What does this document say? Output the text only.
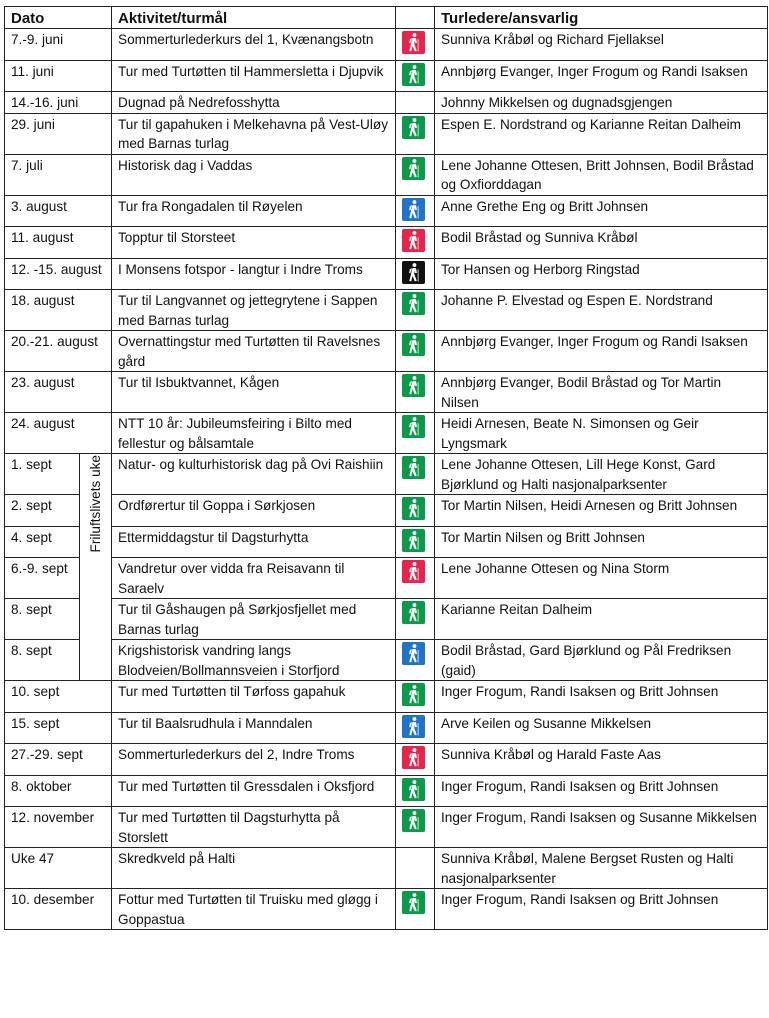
Dato		Aktivitet/turmål		Turledere/ansvarlig
7.-9. juni		Sommerturlederkurs del 1, Kvænangsbotn		Sunniva Kråbøl og Richard Fjellaksel
11. juni		Tur med Turtøtten til Hammersletta i Djupvik		Annbjørg Evanger, Inger Frogum og Randi Isaksen
14.-16. juni		Dugnad på Nedrefosshytta		Johnny Mikkelsen og dugnadsgjengen
29. juni		Tur til gapahuken i Melkehavna på Vest-Uløy med Barnas turlag		Espen E. Nordstrand og Karianne Reitan Dalheim
7. juli		Historisk dag i Vaddas		Lene Johanne Ottesen, Britt Johnsen, Bodil Bråstad og Oxfiorddagan
3. august		Tur fra Rongadalen til Røyelen		Anne Grethe Eng og Britt Johnsen
11. august		Topptur til Storsteet		Bodil Bråstad og Sunniva Kråbøl
12. -15. august		I Monsens fotspor - langtur i Indre Troms		Tor Hansen og Herborg Ringstad
18. august		Tur til Langvannet og jettegrytene i Sappen med Barnas turlag		Johanne P. Elvestad og Espen E. Nordstrand
20.-21. august		Overnattingstur med Turtøtten til Ravelsnes gård		Annbjørg Evanger, Inger Frogum og Randi Isaksen
23. august		Tur til Isbuktvannet, Kågen		Annbjørg Evanger, Bodil Bråstad og Tor Martin Nilsen
24. august		NTT 10 år: Jubileumsfeiring i Bilto med fellestur og bålsamtale		Heidi Arnesen, Beate N. Simonsen og Geir Lyngsmark
1. sept	Friluftslivets uke	Natur- og kulturhistorisk dag på Ovi Raishiin		Lene Johanne Ottesen, Lill Hege Konst, Gard Bjørklund og Halti nasjonalparksenter
2. sept		Ordførertur til Goppa i Sørkjosen		Tor Martin Nilsen, Heidi Arnesen og Britt Johnsen
4. sept		Ettermiddagstur til Dagsturhytta		Tor Martin Nilsen og Britt Johnsen
6.-9. sept		Vandretur over vidda fra Reisavann til Saraelv		Lene Johanne Ottesen og Nina Storm
8. sept		Tur til Gåshaugen på Sørkjosfjellet med Barnas turlag		Karianne Reitan Dalheim
8. sept		Krigshistorisk vandring langs Blodveien/Bollmannsveien i Storfjord		Bodil Bråstad, Gard Bjørklund og Pål Fredriksen (gaid)
10. sept		Tur med Turtøtten til Tørfoss gapahuk		Inger Frogum, Randi Isaksen og Britt Johnsen
15. sept		Tur til Baalsrudhula i Manndalen		Arve Keilen og Susanne Mikkelsen
27.-29. sept		Sommerturlederkurs del 2, Indre Troms		Sunniva Kråbøl og Harald Faste Aas
8. oktober		Tur med Turtøtten til Gressdalen i Oksfjord		Inger Frogum, Randi Isaksen og Britt Johnsen
12. november		Tur med Turtøtten til Dagsturhytta på Storslett		Inger Frogum, Randi Isaksen og Susanne Mikkelsen
Uke 47		Skredkveld på Halti		Sunniva Kråbøl, Malene Bergset Rusten og Halti nasjonalparksenter
10. desember		Fottur med Turtøtten til Truisku med gløgg i Goppastua		Inger Frogum, Randi Isaksen og Britt Johnsen
